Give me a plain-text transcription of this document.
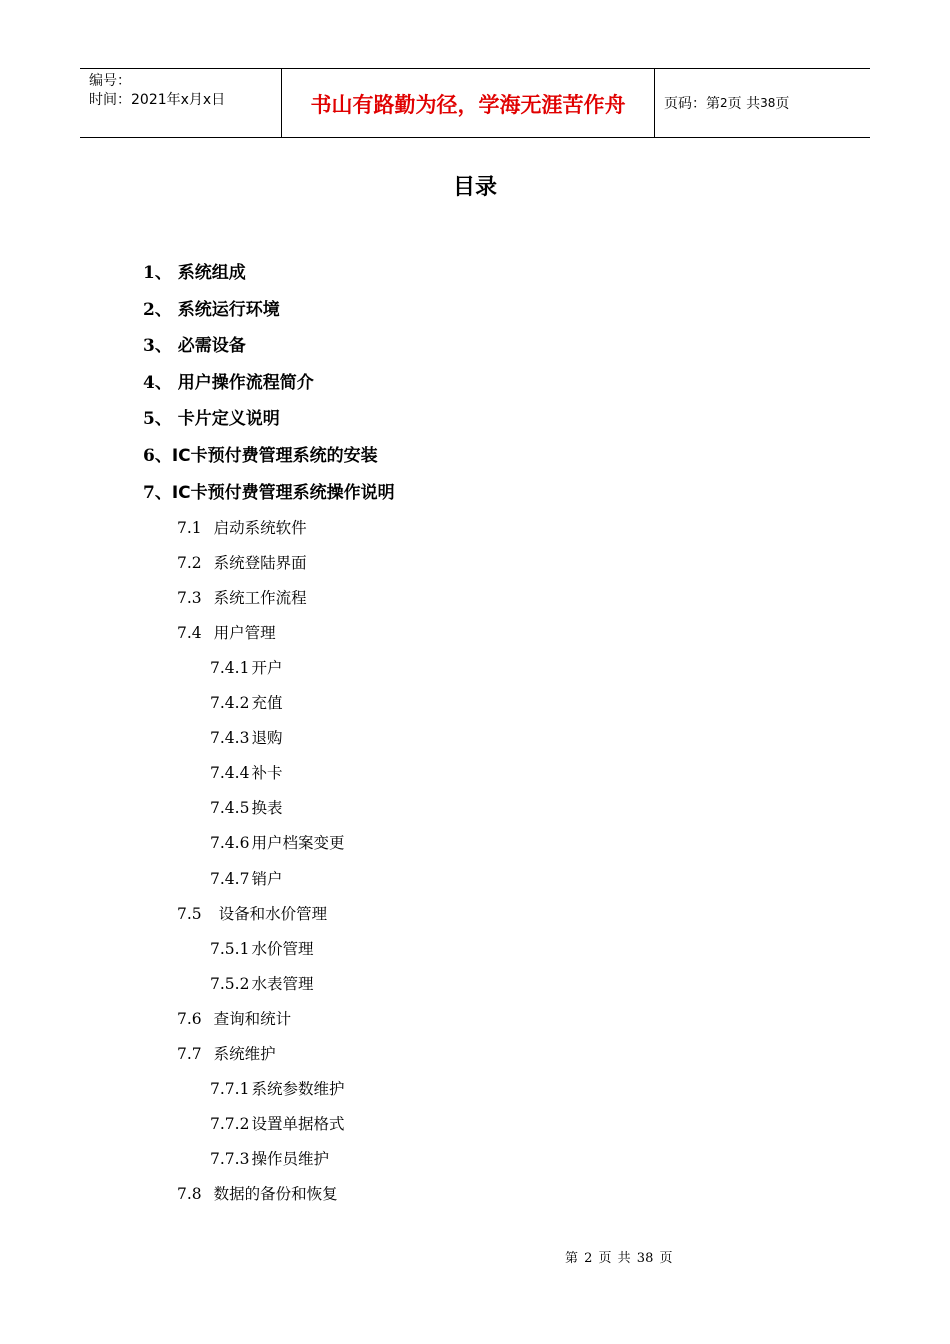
编号：
时间：2021年x月x日	书山有路勤为径，学海无涯苦作舟	页码：第 2 页 共 38 页
目录
1、 系统组成
2、 系统运行环境
3、 必需设备
4、 用户操作流程简介
5、 卡片定义说明
6、IC卡预付费管理系统的安装
7、IC卡预付费管理系统操作说明
7.1 启动系统软件
7.2 系统登陆界面
7.3 系统工作流程
7.4 用户管理
7.4.1 开户
7.4.2 充值
7.4.3 退购
7.4.4 补卡
7.4.5 换表
7.4.6 用户档案变更
7.4.7 销户
7.5 设备和水价管理
7.5.1 水价管理
7.5.2 水表管理
7.6 查询和统计
7.7 系统维护
7.7.1 系统参数维护
7.7.2 设置单据格式
7.7.3 操作员维护
7.8 数据的备份和恢复
第 2 页 共 38 页
